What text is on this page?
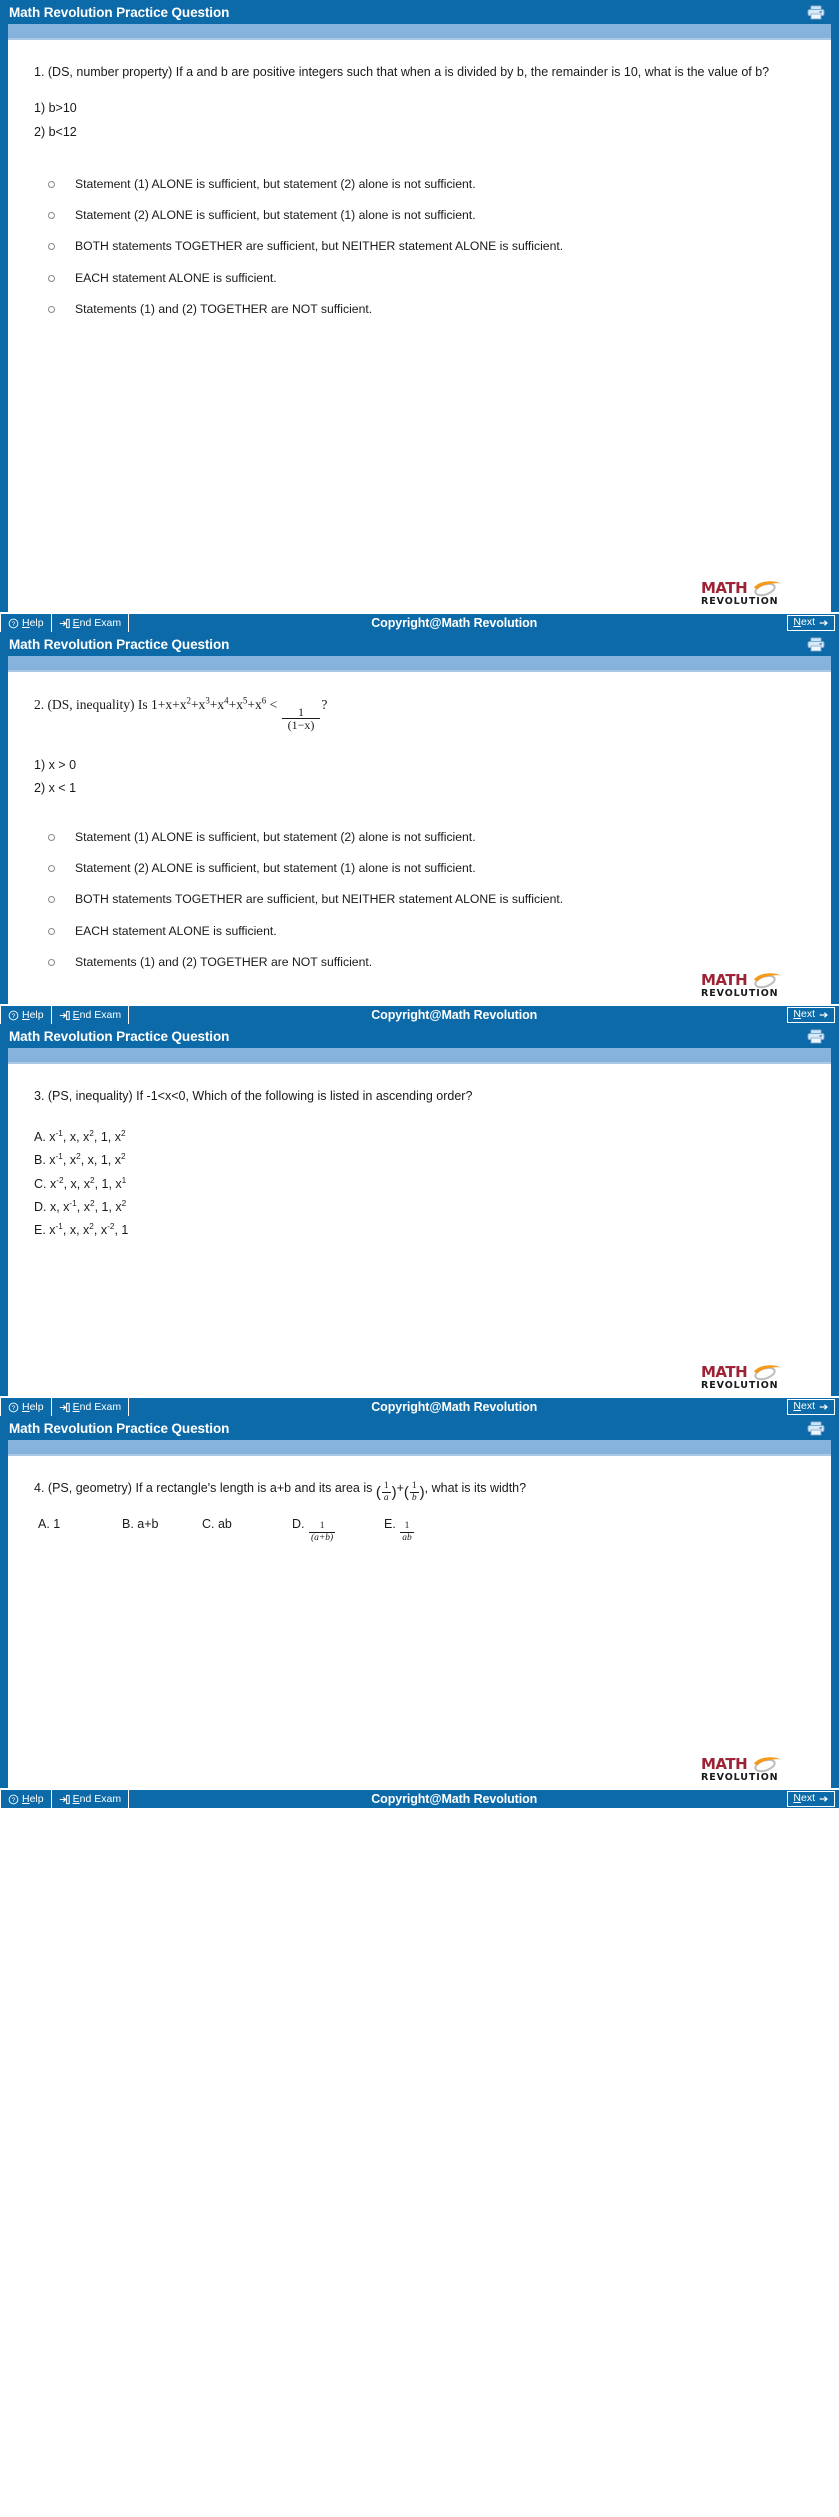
Math Revolution Practice Question
1. (DS, number property) If a and b are positive integers such that when a is divided by b, the remainder is 10, what is the value of b?
1) b>10
2) b<12
Statement (1) ALONE is sufficient, but statement (2) alone is not sufficient.
Statement (2) ALONE is sufficient, but statement (1) alone is not sufficient.
BOTH statements TOGETHER are sufficient, but NEITHER statement ALONE is sufficient.
EACH statement ALONE is sufficient.
Statements (1) and (2) TOGETHER are NOT sufficient.
MATH
REVOLUTION
? Help	End Exam	Copyright@Math Revolution	Next
Math Revolution Practice Question
2. (DS, inequality) Is $1+x+x^2+x^3+x^4+x^5+x^6$ <
$\frac{1}{(1-x)}$
?
1) x > 0
2) x < 1
Statement (1) ALONE is sufficient, but statement (2) alone is not sufficient.
Statement (2) ALONE is sufficient, but statement (1) alone is not sufficient.
BOTH statements TOGETHER are sufficient, but NEITHER statement ALONE is sufficient.
EACH statement ALONE is sufficient.
Statements (1) and (2) TOGETHER are NOT sufficient.
MATH
REVOLUTION
? Help	End Exam	Copyright@Math Revolution	Next
Math Revolution Practice Question
3. (PS, inequality) If -1<x<0, Which of the following is listed in ascending order?
A. $x^{-1}$, x, $x^2$, 1, $x^2$
B. $x^{-1}$, $x^2$, x, 1, $x^2$
C. $x^{-2}$, x, $x^2$, 1, $x^1$
D. x, $x^{-1}$, $x^2$, 1, $x^2$
E. $x^{-1}$, x, $x^2$, $x^{-2}$, 1
MATH
REVOLUTION
? Help	End Exam	Copyright@Math Revolution	Next
Math Revolution Practice Question
4. (PS, geometry) If a rectangle's length is a+b and its area is ( $\frac{1}{a}$ ) + ( $\frac{1}{b}$ ) , what is its width?
A.
1	B.
a+b	C.
ab	D.
$\frac{1}{(a+b)}$	E.
$\frac{1}{ab}$
MATH
REVOLUTION
? Help	End Exam	Copyright@Math Revolution	Next
